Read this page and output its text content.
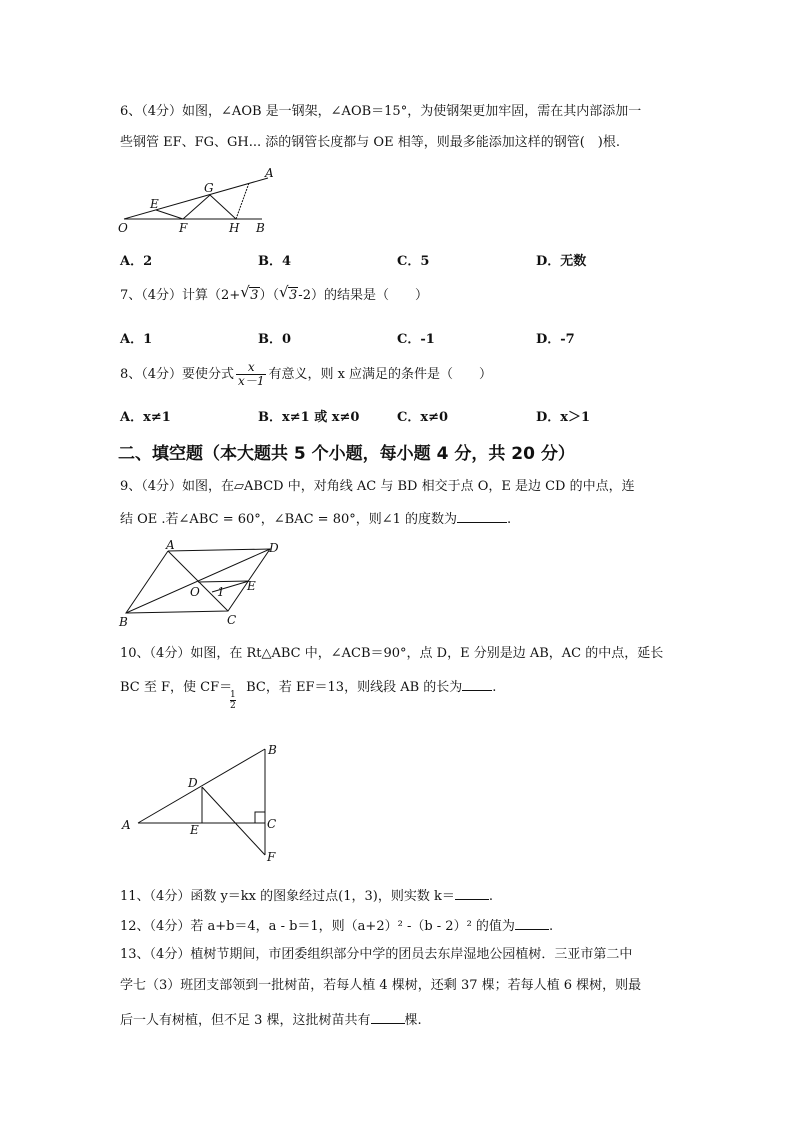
6、（4分）如图，∠AOB 是一钢架，∠AOB＝15°，为使钢架更加牢固，需在其内部添加一
些钢管 EF、FG、GH... 添的钢管长度都与 OE 相等，则最多能添加这样的钢管(　)根.
O
E
F
G
H B
A
A．2	B．4	C．5	D．无数
7、（4分）计算（2+ √ 3）（ √ 3-2）的结果是（　　）
A．1	B．0	C．-1	D．-7
8、（4分）要使分式 $\frac{x}{x-1}$ 有意义，则 x 应满足的条件是（　　）
A．x≠1	B．x≠1 或 x≠0	C．x≠0	D．x＞1
二、填空题（本大题共 5 个小题，每小题 4 分，共 20 分）
9、（4分）如图，在▱ABCD 中，对角线 AC 与 BD 相交于点 O，E 是边 CD 的中点，连
结 OE .若∠ABC = 60°，∠BAC = 80°，则∠1 的度数为	.
A	D
O 1 E
B	C
10、（4分）如图，在 Rt△ABC 中，∠ACB＝90°，点 D，E 分别是边 AB，AC 的中点，延长
BC 至 F，使 CF＝ BC，若 EF＝13，则线段 AB 的长为 .
1
2
B
D
A	E	C
F
11、（4分）函数 y＝kx 的图象经过点(1，3)，则实数 k＝	.
12、（4分）若 a+b＝4，a - b＝1，则（a+2）² -（b - 2）² 的值为	.
13、（4分）植树节期间，市团委组织部分中学的团员去东岸湿地公园植树．三亚市第二中
学七（3）班团支部领到一批树苗，若每人植 4 棵树，还剩 37 棵；若每人植 6 棵树，则最
后一人有树植，但不足 3 棵，这批树苗共有	棵.
